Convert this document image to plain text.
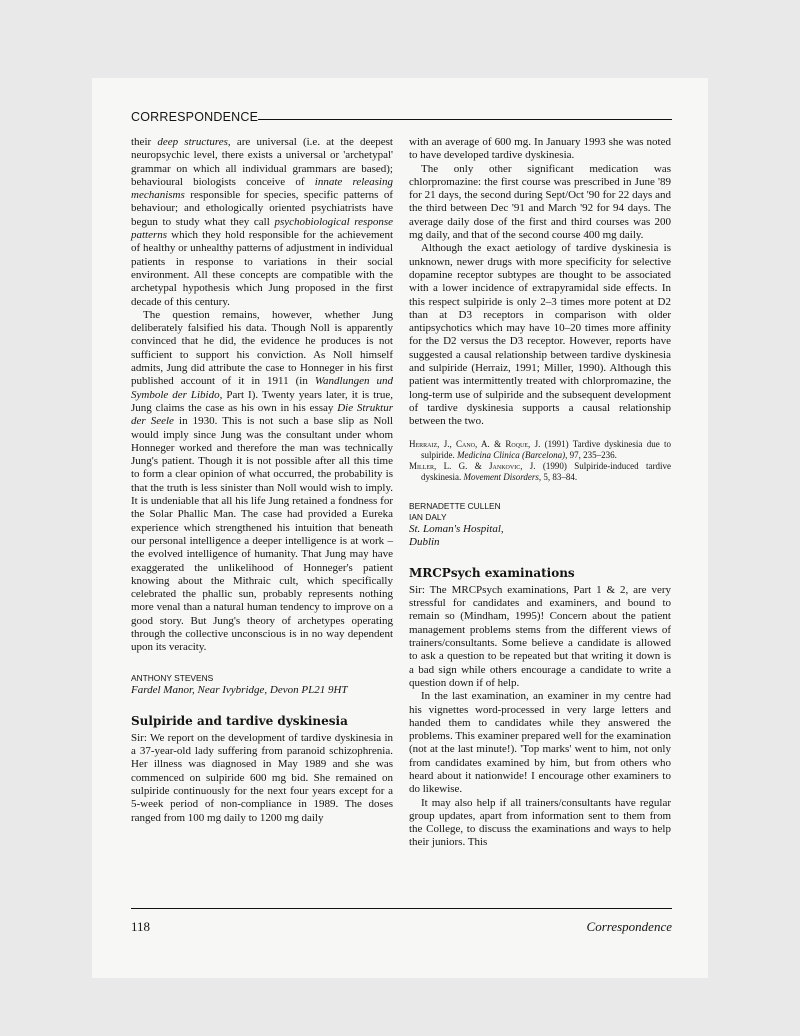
CORRESPONDENCE

their deep structures, are universal (i.e. at the deepest neuropsychic level, there exists a universal or 'archetypal' grammar on which all individual grammars are based); behavioural biologists conceive of innate releasing mechanisms responsible for species, specific patterns of behaviour; and ethologically oriented psychiatrists have begun to study what they call psychobiological response patterns which they hold responsible for the achievement of healthy or unhealthy patterns of adjustment in individual patients in response to variations in their social environment. All these concepts are compatible with the archetypal hypothesis which Jung proposed in the first decade of this century.

The question remains, however, whether Jung deliberately falsified his data. Though Noll is apparently convinced that he did, the evidence he produces is not sufficient to support his conviction. As Noll himself admits, Jung did attribute the case to Honneger in his first published account of it in 1911 (in Wandlungen und Symbole der Libido, Part I). Twenty years later, it is true, Jung claims the case as his own in his essay Die Struktur der Seele in 1930. This is not such a base slip as Noll would imply since Jung was the consultant under whom Honneger worked and therefore the man was technically Jung's patient. Though it is not possible after all this time to form a clear opinion of what occurred, the probability is that the truth is less sinister than Noll would wish to imply. It is undeniable that all his life Jung retained a fondness for the Solar Phallic Man. The case had provided a Eureka experience which strengthened his intuition that beneath our personal intelligence a deeper intelligence is at work – the evolved intelligence of humanity. That Jung may have exaggerated the unlikelihood of Honneger's patient knowing about the Mithraic cult, which specifically celebrated the phallic sun, probably represents nothing more venal than a natural human tendency to improve on a good story. But Jung's theory of archetypes operating through the collective unconscious is in no way dependent upon its veracity.

ANTHONY STEVENS
Fardel Manor, Near Ivybridge, Devon PL21 9HT
Sulpiride and tardive dyskinesia

Sir: We report on the development of tardive dyskinesia in a 37-year-old lady suffering from paranoid schizophrenia. Her illness was diagnosed in May 1989 and she was commenced on sulpiride 600 mg bid. She remained on sulpiride continuously for the next four years except for a 5-week period of non-compliance in 1989. The doses ranged from 100 mg daily to 1200 mg daily

with an average of 600 mg. In January 1993 she was noted to have developed tardive dyskinesia.

The only other significant medication was chlorpromazine: the first course was prescribed in June '89 for 21 days, the second during Sept/Oct '90 for 22 days and the third between Dec '91 and March '92 for 94 days. The average daily dose of the first and third courses was 200 mg daily, and that of the second course 400 mg daily.

Although the exact aetiology of tardive dyskinesia is unknown, newer drugs with more specificity for selective dopamine receptor subtypes are thought to be associated with a lower incidence of extrapyramidal side effects. In this respect sulpiride is only 2–3 times more potent at D2 than at D3 receptors in comparison with older antipsychotics which may have 10–20 times more affinity for the D2 versus the D3 receptor. However, reports have suggested a causal relationship between tardive dyskinesia and sulpiride (Herraiz, 1991; Miller, 1990). Although this patient was intermittently treated with chlorpromazine, the long-term use of sulpiride and the subsequent development of tardive dyskinesia supports a causal relationship between the two.

Herraiz, J., Cano, A. & Roque, J. (1991) Tardive dyskinesia due to sulpiride. Medicina Clinica (Barcelona), 97, 235–236.

Miller, L. G. & Jankovic, J. (1990) Sulpiride-induced tardive dyskinesia. Movement Disorders, 5, 83–84.

BERNADETTE CULLEN
IAN DALY
St. Loman's Hospital,
Dublin
MRCPsych examinations

Sir: The MRCPsych examinations, Part 1 & 2, are very stressful for candidates and examiners, and bound to remain so (Mindham, 1995)! Concern about the patient management problems stems from the different views of trainers/consultants. Some believe a candidate is allowed to ask a question to be repeated but that writing it down is a bad sign while others encourage a candidate to write a question down if of help.

In the last examination, an examiner in my centre had his vignettes word-processed in very large letters and handed them to candidates while they answered the problems. This examiner prepared well for the examination (not at the last minute!). 'Top marks' went to him, not only from candidates examined by him, but from others who heard about it nationwide! I encourage other examiners to do likewise.

It may also help if all trainers/consultants have regular group updates, apart from information sent to them from the College, to discuss the examinations and ways to help their juniors. This

118	Correspondence
